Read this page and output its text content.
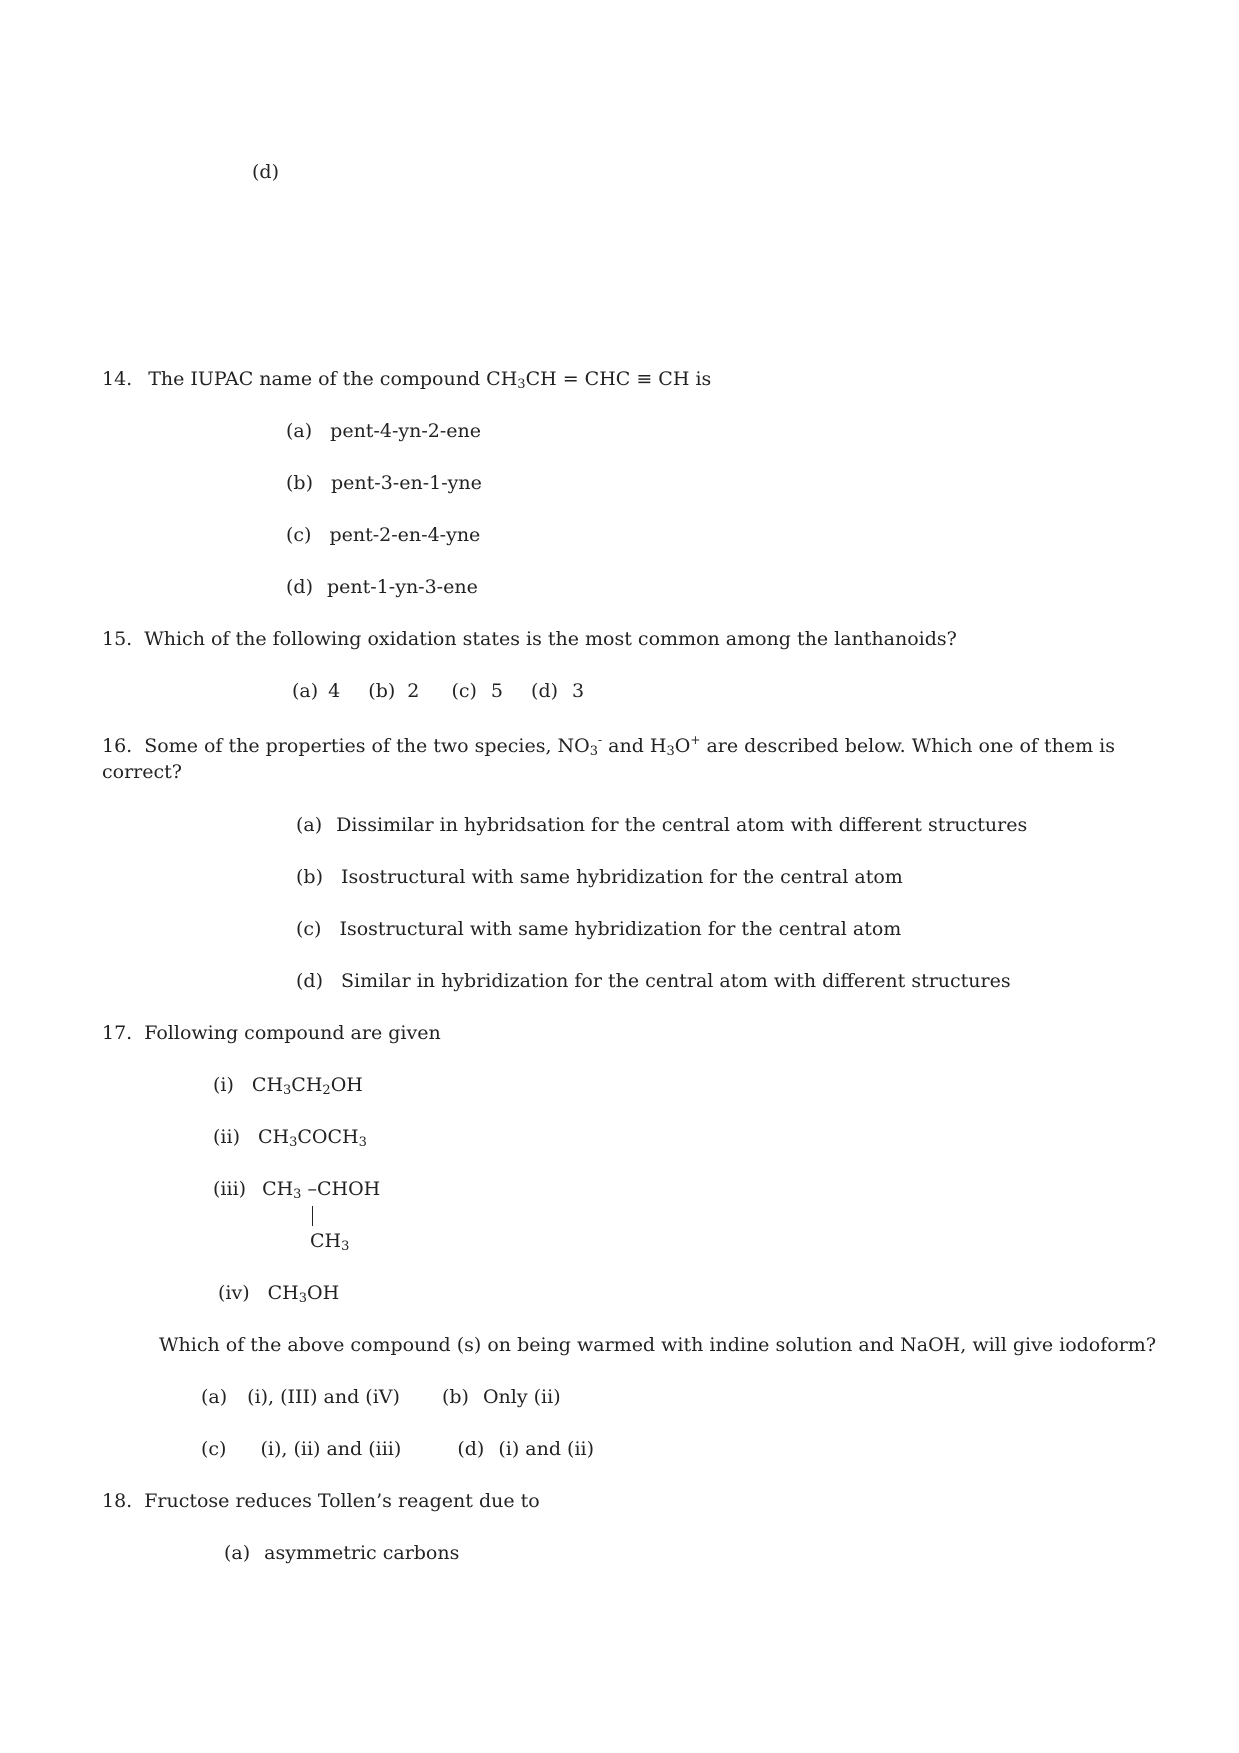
(d)
14. The IUPAC name of the compound $CH_3CH$ = CHC ≡ CH is
(a) pent-4-yn-2-ene
(b) pent-3-en-1-yne
(c) pent-2-en-4-yne
(d) pent-1-yn-3-ene
15. Which of the following oxidation states is the most common among the lanthanoids?
(a) 4 (b) 2 (c) 5 (d) 3
16. Some of the properties of the two species, $NO_3^-$ and $H_3O^+$ are described below. Which one of them is
correct?
(a) Dissimilar in hybridsation for the central atom with different structures
(b) Isostructural with same hybridization for the central atom
(c) Isostructural with same hybridization for the central atom
(d) Similar in hybridization for the central atom with different structures
17. Following compound are given
(i) $CH_3CH_2OH$
(ii) $CH_3COCH_3$
(iii) $CH_3$ –CHOH
$CH_3$
(iv) $CH_3OH$
Which of the above compound (s) on being warmed with indine solution and NaOH, will give iodoform?
(a) (i), (III) and (iV) (b) Only (ii)
(c) (i), (ii) and (iii)	(d) (i) and (ii)
18. Fructose reduces Tollen’s reagent due to
(a) asymmetric carbons
